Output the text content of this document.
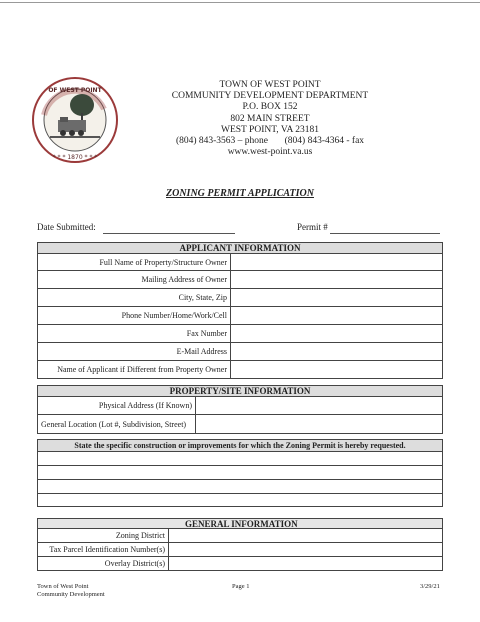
OF WEST POINT
* * * 1870 * * *
TOWN OF WEST POINT
COMMUNITY DEVELOPMENT DEPARTMENT
P.O. BOX 152
802 MAIN STREET
WEST POINT, VA 23181
(804) 843-3563 – phone       (804) 843-4364 - fax
www.west-point.va.us
ZONING PERMIT APPLICATION
Date Submitted:	Permit #
APPLICANT INFORMATION
Full Name of Property/Structure Owner	
Mailing Address of Owner	
City, State, Zip	
Phone Number/Home/Work/Cell	
Fax Number	
E-Mail Address	
Name of Applicant if Different from Property Owner	
PROPERTY/SITE INFORMATION
Physical Address (If Known)	
General Location (Lot #, Subdivision, Street)	
State the specific construction or improvements for which the Zoning Permit is hereby requested.
GENERAL INFORMATION
Zoning District	
Tax Parcel Identification Number(s)	
Overlay District(s)	
Town of West Point
Community Development
Page 1	3/29/21
